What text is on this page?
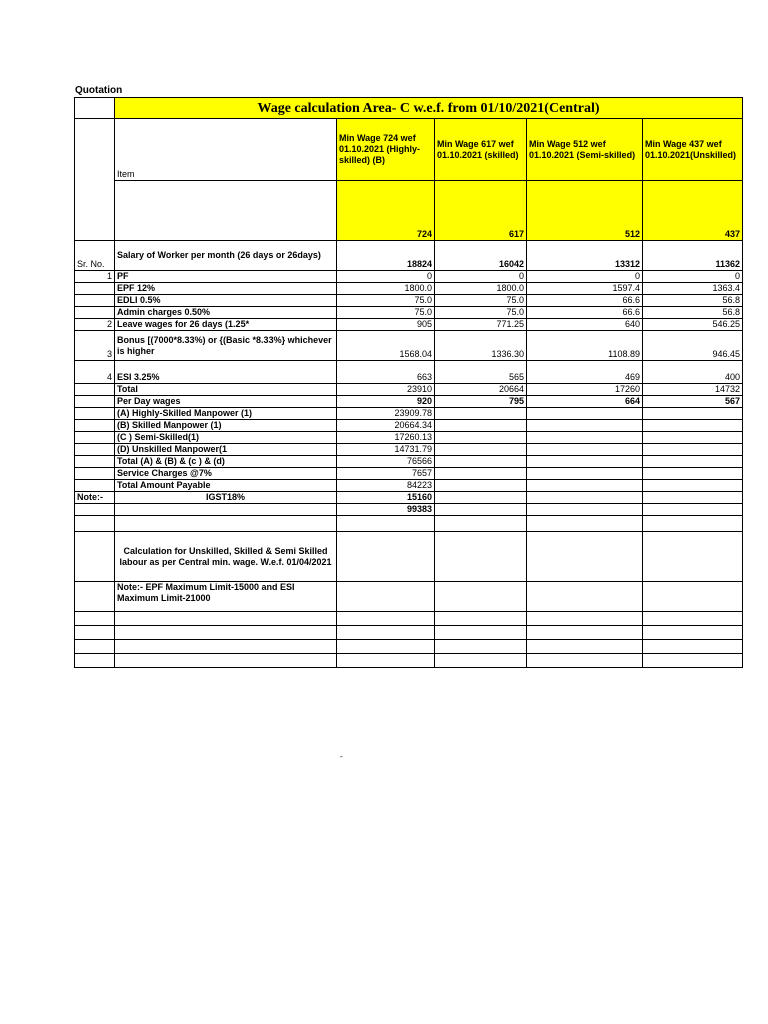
Quotation
	Wage calculation Area- C w.e.f. from 01/10/2021(Central)				
	Item	Min Wage 724 wef 01.10.2021 (Highly-skilled) (B)	Min Wage 617 wef 01.10.2021 (skilled)	Min Wage 512 wef 01.10.2021 (Semi-skilled)	Min Wage 437 wef 01.10.2021(Unskilled)
		724	617	512	437
Sr. No.	Salary of Worker per month (26 days or 26days)	18824	16042	13312	11362
1	PF	0	0	0	0
	EPF 12%	1800.0	1800.0	1597.4	1363.4
	EDLI 0.5%	75.0	75.0	66.6	56.8
	Admin charges 0.50%	75.0	75.0	66.6	56.8
2	Leave wages for 26 days (1.25*	905	771.25	640	546.25
3	Bonus [(7000*8.33%) or {(Basic *8.33%} whichever is higher	1568.04	1336.30	1108.89	946.45
4	ESI 3.25%	663	565	469	400
	Total	23910	20664	17260	14732
	Per Day wages	920	795	664	567
	(A) Highly-Skilled Manpower (1)	23909.78			
	(B) Skilled Manpower (1)	20664.34			
	(C ) Semi-Skilled(1)	17260.13			
	(D) Unskilled Manpower(1	14731.79			
	Total (A) & (B) & (c ) & (d)	76566			
	Service Charges @7%	7657			
	Total Amount Payable	84223			
Note:-	IGST18%	15160			
		99383			

	Calculation for Unskilled, Skilled & Semi Skilled labour as per Central min. wage. W.e.f. 01/04/2021				
	Note:- EPF Maximum Limit-15000 and ESI Maximum Limit-21000				

-
